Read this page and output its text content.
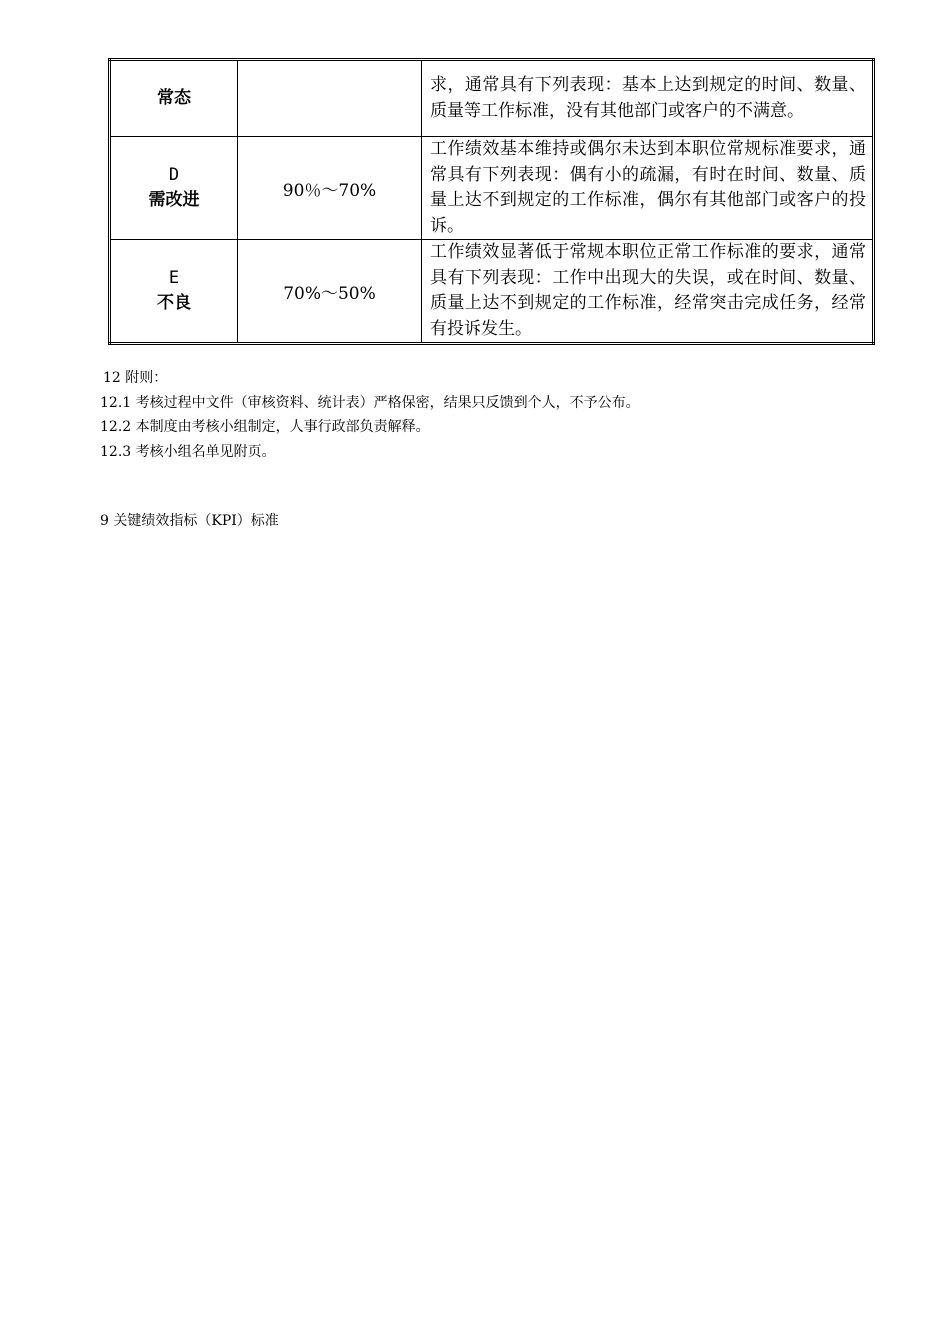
常态		求，通常具有下列表现：基本上达到规定的时间、数量、质量等工作标准，没有其他部门或客户的不满意。

D
需改进	90％～70%	工作绩效基本维持或偶尔未达到本职位常规标准要求，通常具有下列表现：偶有小的疏漏，有时在时间、数量、质量上达不到规定的工作标准，偶尔有其他部门或客户的投诉。

E
不良	70%～50%	工作绩效显著低于常规本职位正常工作标准的要求，通常具有下列表现：工作中出现大的失误，或在时间、数量、质量上达不到规定的工作标准，经常突击完成任务，经常有投诉发生。

12 附则：

12.1 考核过程中文件（审核资料、统计表）严格保密，结果只反馈到个人，不予公布。

12.2 本制度由考核小组制定，人事行政部负责解释。

12.3 考核小组名单见附页。

9 关键绩效指标（KPI）标准
